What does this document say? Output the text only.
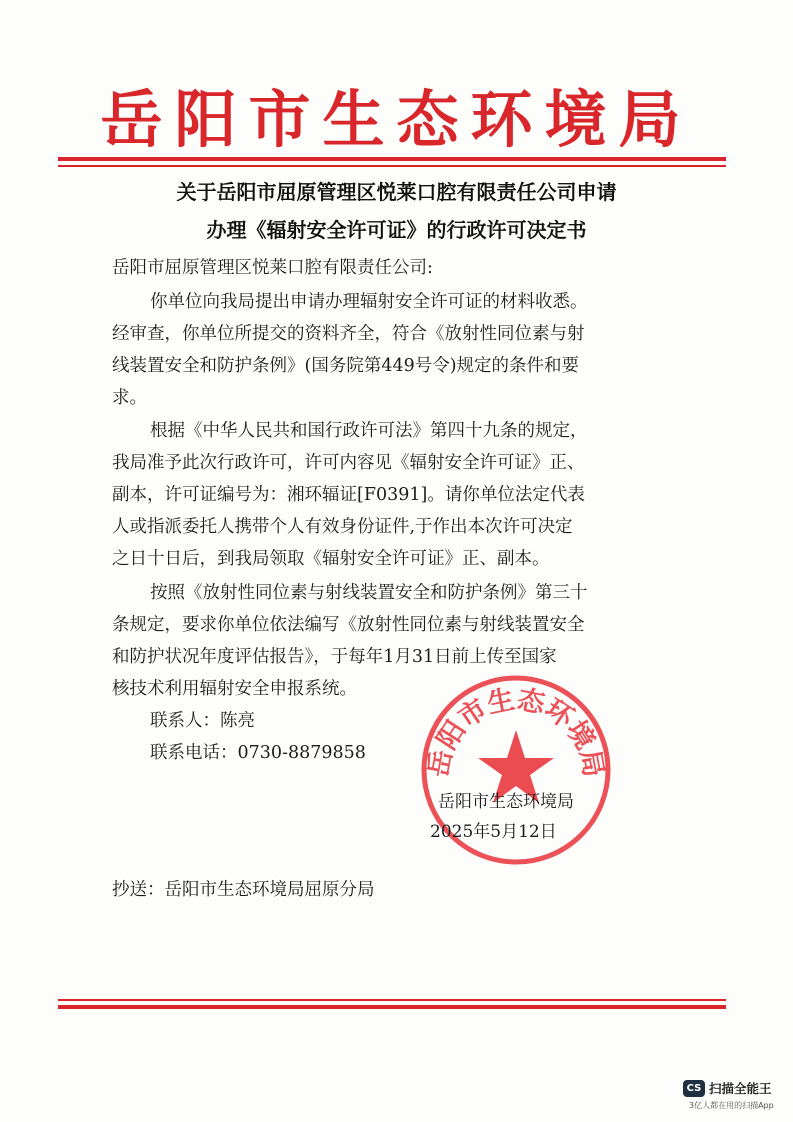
岳阳市生态环境局
关于岳阳市屈原管理区悦莱口腔有限责任公司申请
办理《辐射安全许可证》的行政许可决定书
岳阳市屈原管理区悦莱口腔有限责任公司:
你单位向我局提出申请办理辐射安全许可证的材料收悉。
经审查，你单位所提交的资料齐全，符合《放射性同位素与射
线装置安全和防护条例》(国务院第449号令)规定的条件和要
求。
根据《中华人民共和国行政许可法》第四十九条的规定，
我局准予此次行政许可，许可内容见《辐射安全许可证》正、
副本，许可证编号为：湘环辐证[F0391]。请你单位法定代表
人或指派委托人携带个人有效身份证件,于作出本次许可决定
之日十日后，到我局领取《辐射安全许可证》正、副本。
按照《放射性同位素与射线装置安全和防护条例》第三十
条规定，要求你单位依法编写《放射性同位素与射线装置安全
和防护状况年度评估报告》，于每年1月31日前上传至国家
核技术利用辐射安全申报系统。
联系人：陈亮
联系电话：0730-8879858 岳阳市生态环境局
岳阳市生态环境局
2025年5月12日
抄送：岳阳市生态环境局屈原分局
CS 扫描全能王
3亿人都在用的扫描App
